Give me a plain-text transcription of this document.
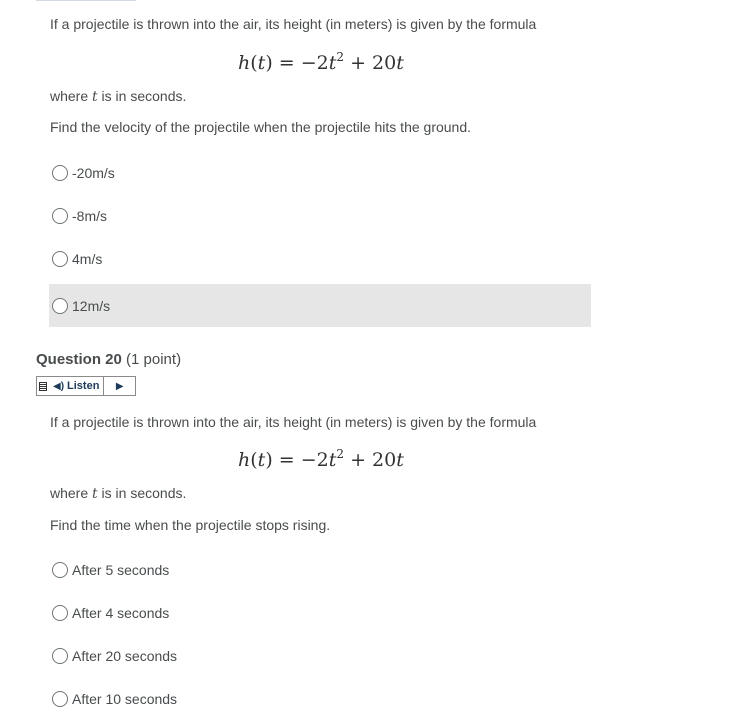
If a projectile is thrown into the air, its height (in meters) is given by the formula
$h(t) = -2t^2 + 20t$
where t is in seconds.
Find the velocity of the projectile when the projectile hits the ground.
-20m/s
-8m/s
4m/s
12m/s
Question 20 (1 point)
◀) Listen ▶
If a projectile is thrown into the air, its height (in meters) is given by the formula
$h(t) = -2t^2 + 20t$
where t is in seconds.
Find the time when the projectile stops rising.
After 5 seconds
After 4 seconds
After 20 seconds
After 10 seconds
